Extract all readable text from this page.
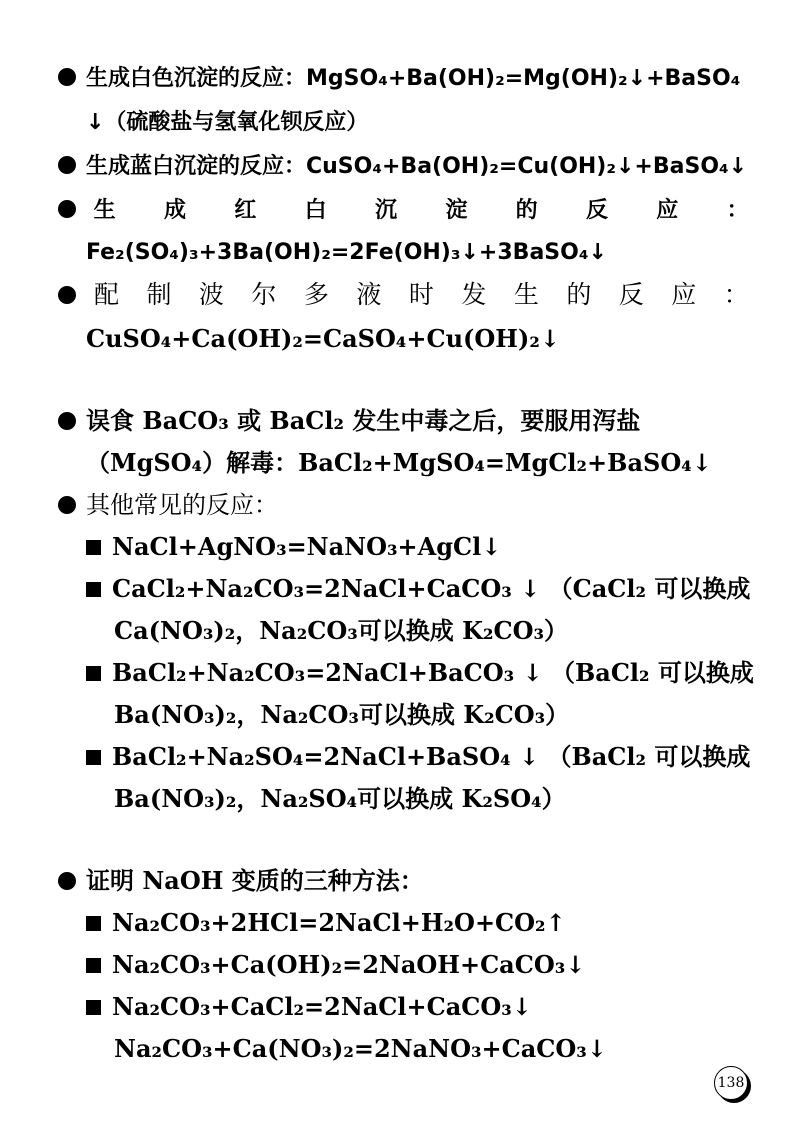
生成白色沉淀的反应：MgSO₄+Ba(OH)₂=Mg(OH)₂↓+BaSO₄
↓（硫酸盐与氢氧化钡反应）
生成蓝白沉淀的反应：CuSO₄+Ba(OH)₂=Cu(OH)₂↓+BaSO₄↓

生 成 红 白 沉 淀 的 反 应 ：
Fe₂(SO₄)₃+3Ba(OH)₂=2Fe(OH)₃↓+3BaSO₄↓

配 制 波 尔 多 液 时 发 生 的 反 应 ：
CuSO₄+Ca(OH)₂=CaSO₄+Cu(OH)₂↓
误食 BaCO₃ 或 BaCl₂ 发生中毒之后，要服用泻盐
（MgSO₄）解毒：BaCl₂+MgSO₄=MgCl₂+BaSO₄↓
其他常见的反应：
NaCl+AgNO₃=NaNO₃+AgCl↓
CaCl₂+Na₂CO₃=2NaCl+CaCO₃ ↓ （CaCl₂ 可以换成
Ca(NO₃)₂，Na₂CO₃可以换成 K₂CO₃）
BaCl₂+Na₂CO₃=2NaCl+BaCO₃ ↓ （BaCl₂ 可以换成
Ba(NO₃)₂，Na₂CO₃可以换成 K₂CO₃）
BaCl₂+Na₂SO₄=2NaCl+BaSO₄ ↓ （BaCl₂ 可以换成
Ba(NO₃)₂，Na₂SO₄可以换成 K₂SO₄）
证明 NaOH 变质的三种方法：
Na₂CO₃+2HCl=2NaCl+H₂O+CO₂↑
Na₂CO₃+Ca(OH)₂=2NaOH+CaCO₃↓
Na₂CO₃+CaCl₂=2NaCl+CaCO₃↓
Na₂CO₃+Ca(NO₃)₂=2NaNO₃+CaCO₃↓
138
